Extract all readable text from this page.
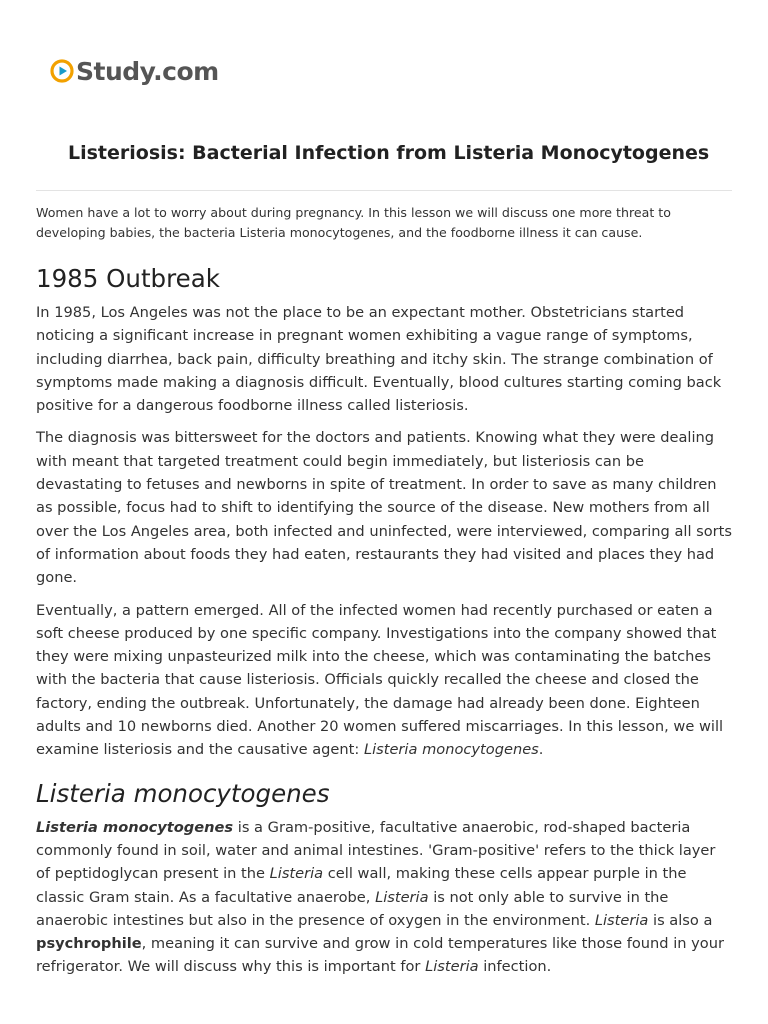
Study.com
Listeriosis: Bacterial Infection from Listeria Monocytogenes

Women have a lot to worry about during pregnancy. In this lesson we will discuss one more threat to developing babies, the bacteria Listeria monocytogenes, and the foodborne illness it can cause.

1985 Outbreak

In 1985, Los Angeles was not the place to be an expectant mother. Obstetricians started noticing a significant increase in pregnant women exhibiting a vague range of symptoms, including diarrhea, back pain, difficulty breathing and itchy skin. The strange combination of symptoms made making a diagnosis difficult. Eventually, blood cultures starting coming back positive for a dangerous foodborne illness called listeriosis.

The diagnosis was bittersweet for the doctors and patients. Knowing what they were dealing with meant that targeted treatment could begin immediately, but listeriosis can be devastating to fetuses and newborns in spite of treatment. In order to save as many children as possible, focus had to shift to identifying the source of the disease. New mothers from all over the Los Angeles area, both infected and uninfected, were interviewed, comparing all sorts of information about foods they had eaten, restaurants they had visited and places they had gone.

Eventually, a pattern emerged. All of the infected women had recently purchased or eaten a soft cheese produced by one specific company. Investigations into the company showed that they were mixing unpasteurized milk into the cheese, which was contaminating the batches with the bacteria that cause listeriosis. Officials quickly recalled the cheese and closed the factory, ending the outbreak. Unfortunately, the damage had already been done. Eighteen adults and 10 newborns died. Another 20 women suffered miscarriages. In this lesson, we will examine listeriosis and the causative agent: Listeria monocytogenes.

Listeria monocytogenes

Listeria monocytogenes is a Gram-positive, facultative anaerobic, rod-shaped bacteria commonly found in soil, water and animal intestines. 'Gram-positive' refers to the thick layer of peptidoglycan present in the Listeria cell wall, making these cells appear purple in the classic Gram stain. As a facultative anaerobe, Listeria is not only able to survive in the anaerobic intestines but also in the presence of oxygen in the environment. Listeria is also a psychrophile, meaning it can survive and grow in cold temperatures like those found in your refrigerator. We will discuss why this is important for Listeria infection.
